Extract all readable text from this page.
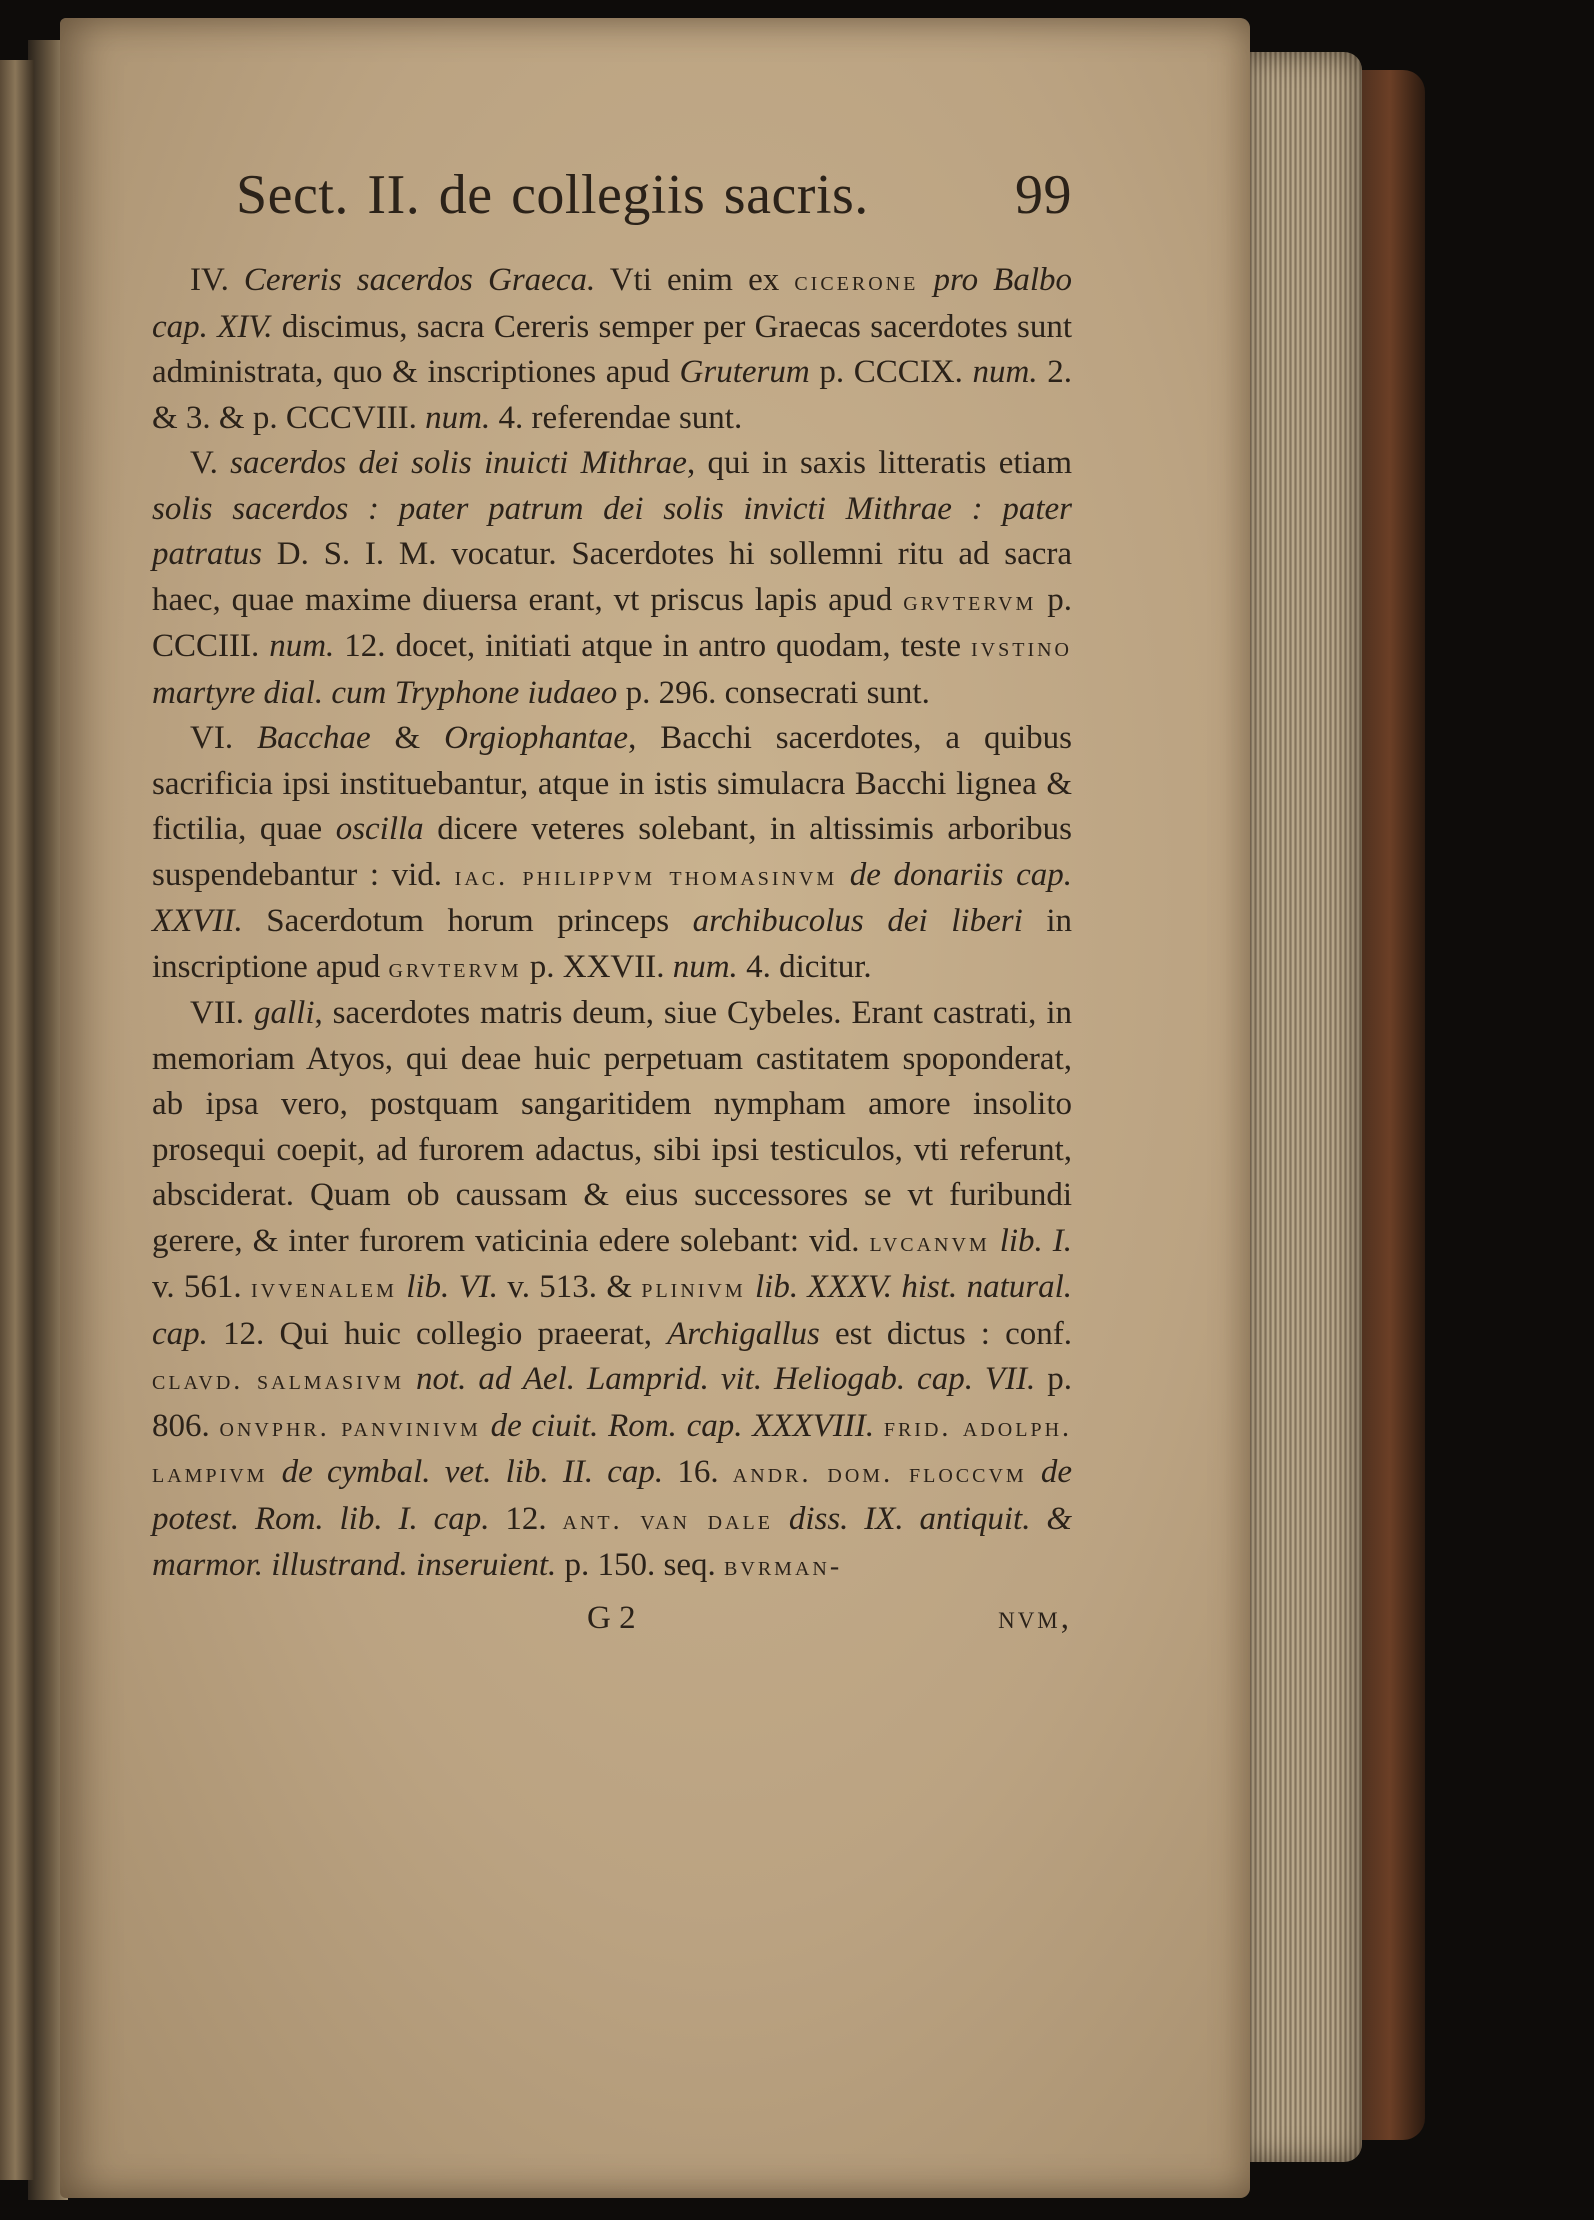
Sect. II. de collegiis sacris.	99

IV. Cereris sacerdos Graeca. Vti enim ex cicerone pro Balbo cap. XIV. discimus, sacra Cereris semper per Graecas sacerdotes sunt administrata, quo & inscriptiones apud Gruterum p. CCCIX. num. 2. & 3. & p. CCCVIII. num. 4. referendae sunt.

V. sacerdos dei solis inuicti Mithrae, qui in saxis litteratis etiam solis sacerdos : pater patrum dei solis invicti Mithrae : pater patratus D. S. I. M. vocatur. Sacerdotes hi sollemni ritu ad sacra haec, quae maxime diuersa erant, vt priscus lapis apud grvtervm p. CCCIII. num. 12. docet, initiati atque in antro quodam, teste ivstino martyre dial. cum Tryphone iudaeo p. 296. consecrati sunt.

VI. Bacchae & Orgiophantae, Bacchi sacerdotes, a quibus sacrificia ipsi instituebantur, atque in istis simulacra Bacchi lignea & fictilia, quae oscilla dicere veteres solebant, in altissimis arboribus suspendebantur : vid. iac. philippvm thomasinvm de donariis cap. XXVII. Sacerdotum horum princeps archibucolus dei liberi in inscriptione apud grvtervm p. XXVII. num. 4. dicitur.

VII. galli, sacerdotes matris deum, siue Cybeles. Erant castrati, in memoriam Atyos, qui deae huic perpetuam castitatem spoponderat, ab ipsa vero, postquam sangaritidem nympham amore insolito prosequi coepit, ad furorem adactus, sibi ipsi testiculos, vti referunt, absciderat. Quam ob caussam & eius successores se vt furibundi gerere, & inter furorem vaticinia edere solebant: vid. lvcanvm lib. I. v. 561. ivvenalem lib. VI. v. 513. & plinivm lib. XXXV. hist. natural. cap. 12. Qui huic collegio praeerat, Archigallus est dictus : conf. clavd. salmasivm not. ad Ael. Lamprid. vit. Heliogab. cap. VII. p. 806. onvphr. panvinivm de ciuit. Rom. cap. XXXVIII. frid. adolph. lampivm de cymbal. vet. lib. II. cap. 16. andr. dom. floccvm de potest. Rom. lib. I. cap. 12. ant. van dale diss. IX. antiquit. & marmor. illustrand. inseruient. p. 150. seq. bvrman-

G 2	nvm,
